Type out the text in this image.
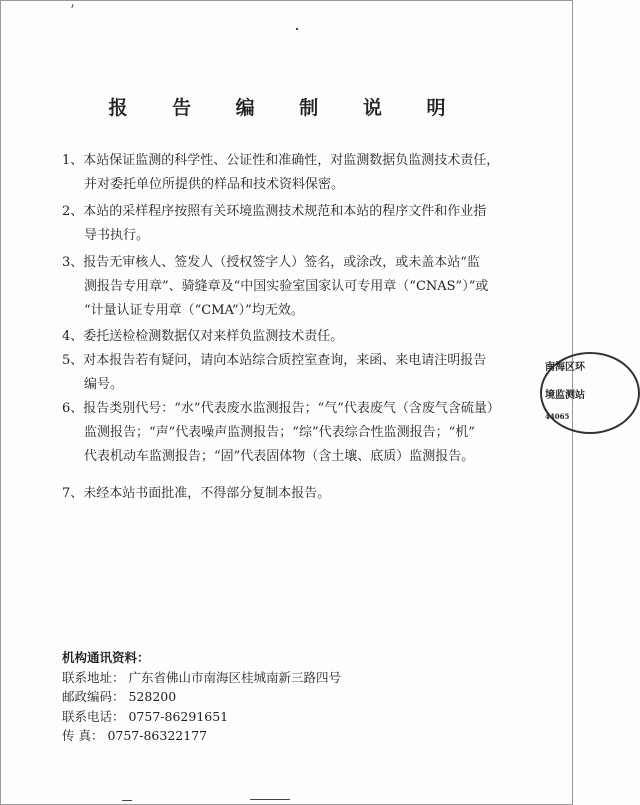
报 告 编 制 说 明
1、本站保证监测的科学性、公证性和准确性，对监测数据负监测技术责任，
并对委托单位所提供的样品和技术资料保密。
2、本站的采样程序按照有关环境监测技术规范和本站的程序文件和作业指
导书执行。
3、报告无审核人、签发人（授权签字人）签名，或涂改，或未盖本站“监
测报告专用章”、骑缝章及“中国实验室国家认可专用章（“CNAS”）”或
“计量认证专用章（“CMA”）”均无效。
4、委托送检检测数据仅对来样负监测技术责任。
5、对本报告若有疑问，请向本站综合质控室查询，来函、来电请注明报告
编号。
6、报告类别代号：“水”代表废水监测报告；“气”代表废气（含废气含硫量）
监测报告；“声”代表噪声监测报告；“综”代表综合性监测报告；“机”
代表机动车监测报告；“固”代表固体物（含土壤、底质）监测报告。
7、未经本站书面批准，不得部分复制本报告。
机构通讯资料：
联系地址： 广东省佛山市南海区桂城南新三路四号
邮政编码： 528200
联系电话： 0757-86291651
传 真： 0757-86322177
南海区环
境监测站
44065
